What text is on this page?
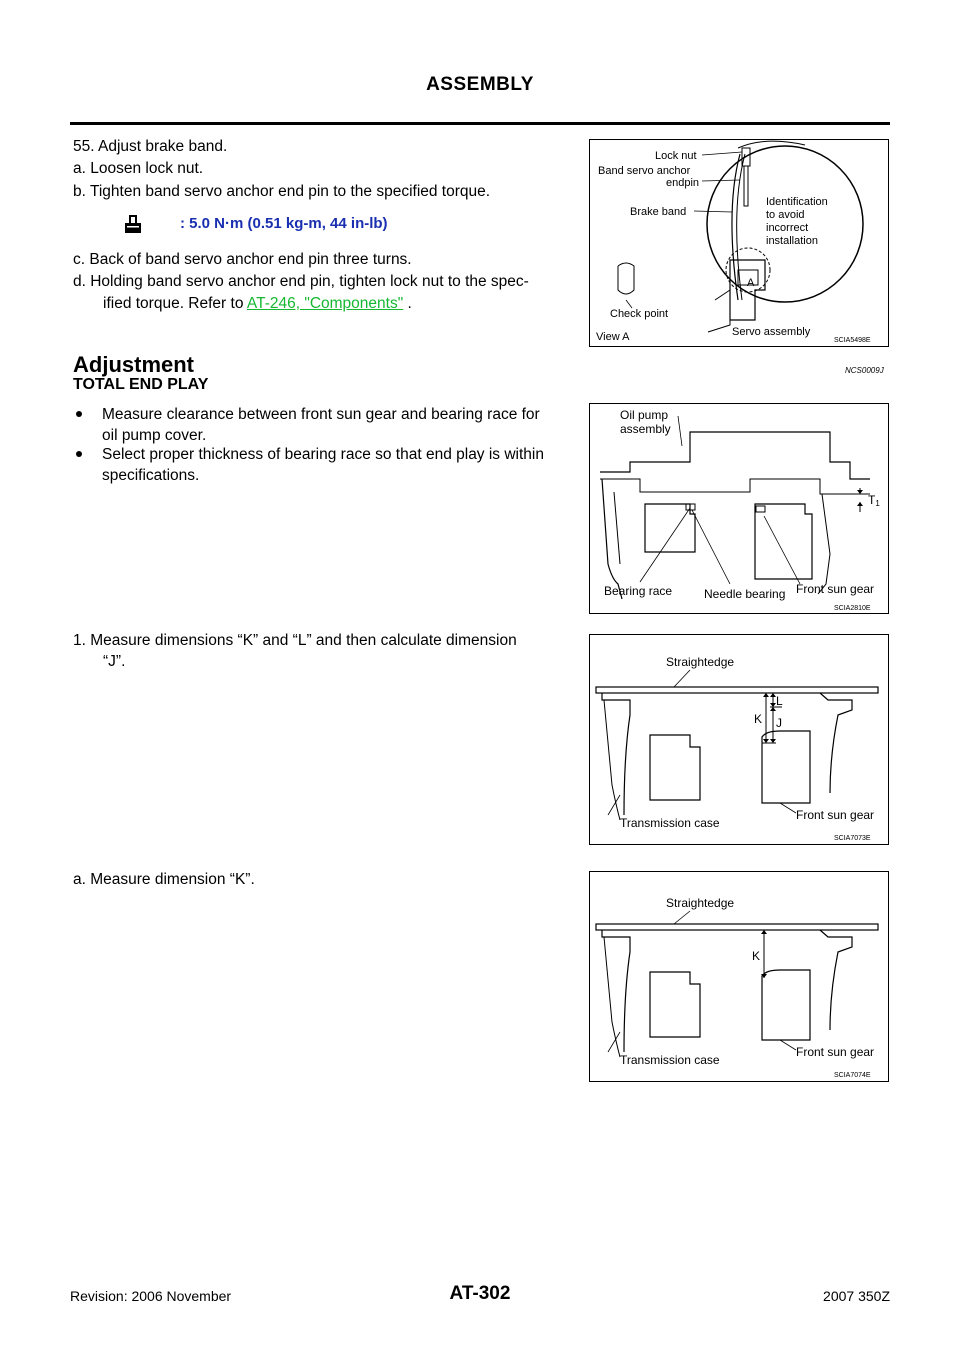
ASSEMBLY
55. Adjust brake band.
a. Loosen lock nut.
b. Tighten band servo anchor end pin to the specified torque.
: 5.0 N·m (0.51 kg-m, 44 in-lb)
c. Back of band servo anchor end pin three turns.
d. Holding band servo anchor end pin, tighten lock nut to the spec-
ified torque. Refer to AT-246, "Components" .
A
Lock nut
Band servo anchor
endpin
Brake band
Identification
to avoid
incorrect
installation
Check point
View A	Servo assembly
SCIA5498E
Adjustment	NCS0009J
TOTAL END PLAY
Measure clearance between front sun gear and bearing race for
oil pump cover.
Select proper thickness of bearing race so that end play is within
specifications.
T1
Oil pump
assembly
Bearing race	Needle bearing Front sun gear
SCIA2810E
1. Measure dimensions “K” and “L” and then calculate dimension
“J”.	Straightedge
K
L
J
Transmission case
Front sun gear
SCIA7073E
a. Measure dimension “K”.
Straightedge
K
Transmission case
Front sun gear
SCIA7074E
Revision: 2006 November	AT-302	2007 350Z
